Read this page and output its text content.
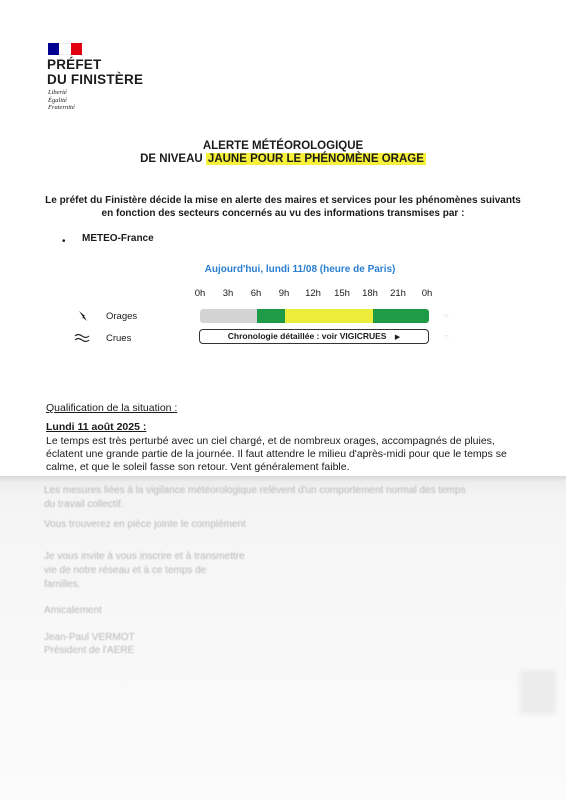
PRÉFET
DU FINISTÈRE
Liberté
Égalité
Fraternité
ALERTE MÉTÉOROLOGIQUE
DE NIVEAU JAUNE POUR LE PHÉNOMÈNE ORAGE
Le préfet du Finistère décide la mise en alerte des maires et services pour les phénomènes suivants en fonction des secteurs concernés au vu des informations transmises par :
• METEO-France
Aujourd'hui, lundi 11/08 (heure de Paris)
0h	3h	6h	9h	12h	15h	18h	21h	0h
Orages	○
Crues	Chronologie détaillée : voir VIGICRUES ▶	○
Qualification de la situation :
Lundi 11 août 2025 :
Le temps est très perturbé avec un ciel chargé, et de nombreux orages, accompagnés de pluies, éclatent une grande partie de la journée. Il faut attendre le milieu d'après-midi pour que le temps se calme, et que le soleil fasse son retour. Vent généralement faible.
Les mesures liées à la vigilance météorologique relèvent d'un comportement normal des temps
du travail collectif.
Vous trouverez en pièce jointe le complément
Je vous invite à vous inscrire et à transmettre
vie de notre réseau et à ce temps de
familles.
Amicalement
Jean-Paul VERMOT
Président de l'AERE
